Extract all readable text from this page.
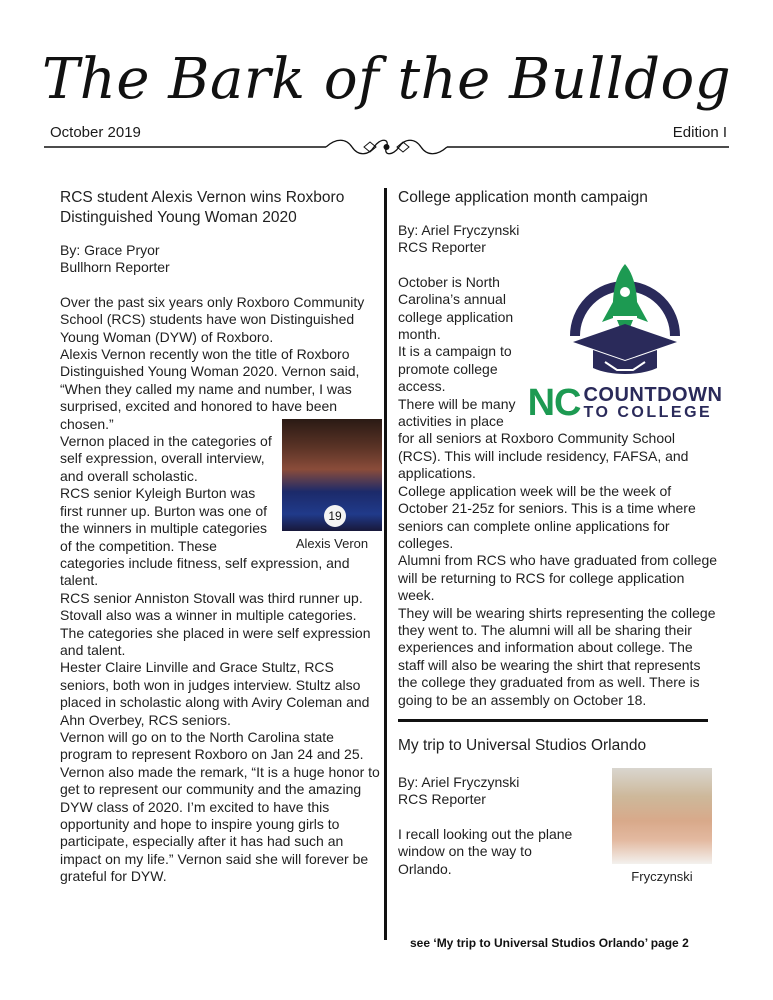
The Bark of the Bulldog
October 2019	Edition I
RCS student Alexis Vernon wins Roxboro Distinguished Young Woman 2020

By: Grace Pryor

Bullhorn Reporter

Over the past six years only Roxboro Community School (RCS) students have won Distinguished Young Woman (DYW) of Roxboro.

Alexis Vernon recently won the title of Roxboro Distinguished Young Woman 2020. Vernon said, “When they called my name and number, I was surprised, excited and honored to have been chosen.”

19
Alexis Veron

Vernon placed in the categories of self expression, overall interview, and overall scholastic.

RCS senior Kyleigh Burton was first runner up. Burton was one of the winners in multiple categories of the competition. These categories include fitness, self expression, and talent.

RCS senior Anniston Stovall was third runner up. Stovall also was a winner in multiple categories. The categories she placed in were self expression and talent.

Hester Claire Linville and Grace Stultz, RCS seniors, both won in judges interview. Stultz also placed in scholastic along with Aviry Coleman and Ahn Overbey, RCS seniors.

Vernon will go on to the North Carolina state program to represent Roxboro on Jan 24 and 25.

Vernon also made the remark, “It is a huge honor to get to represent our community and the amazing DYW class of 2020. I’m excited to have this opportunity and hope to inspire young girls to participate, especially after it has had such an impact on my life.” Vernon said she will forever be grateful for DYW.

College application month campaign

By: Ariel Fryczynski

RCS Reporter

NC COUNTDOWN
TO COLLEGE

October is North Carolina’s annual college application month.

It is a campaign to promote college access.

There will be many activities in place for all seniors at Roxboro Community School (RCS). This will include residency, FAFSA, and applications.

College application week will be the week of October 21-25z for seniors. This is a time where seniors can complete online applications for colleges.

Alumni from RCS who have graduated from college will be returning to RCS for college application week.

They will be wearing shirts representing the college they went to. The alumni will all be sharing their experiences and information about college. The staff will also be wearing the shirt that represents the college they graduated from as well. There is going to be an assembly on October 18.

My trip to Universal Studios Orlando
Fryczynski

By: Ariel Fryczynski

RCS Reporter

I recall looking out the plane window on the way to Orlando.

see ‘My trip to Universal Studios Orlando’ page 2
